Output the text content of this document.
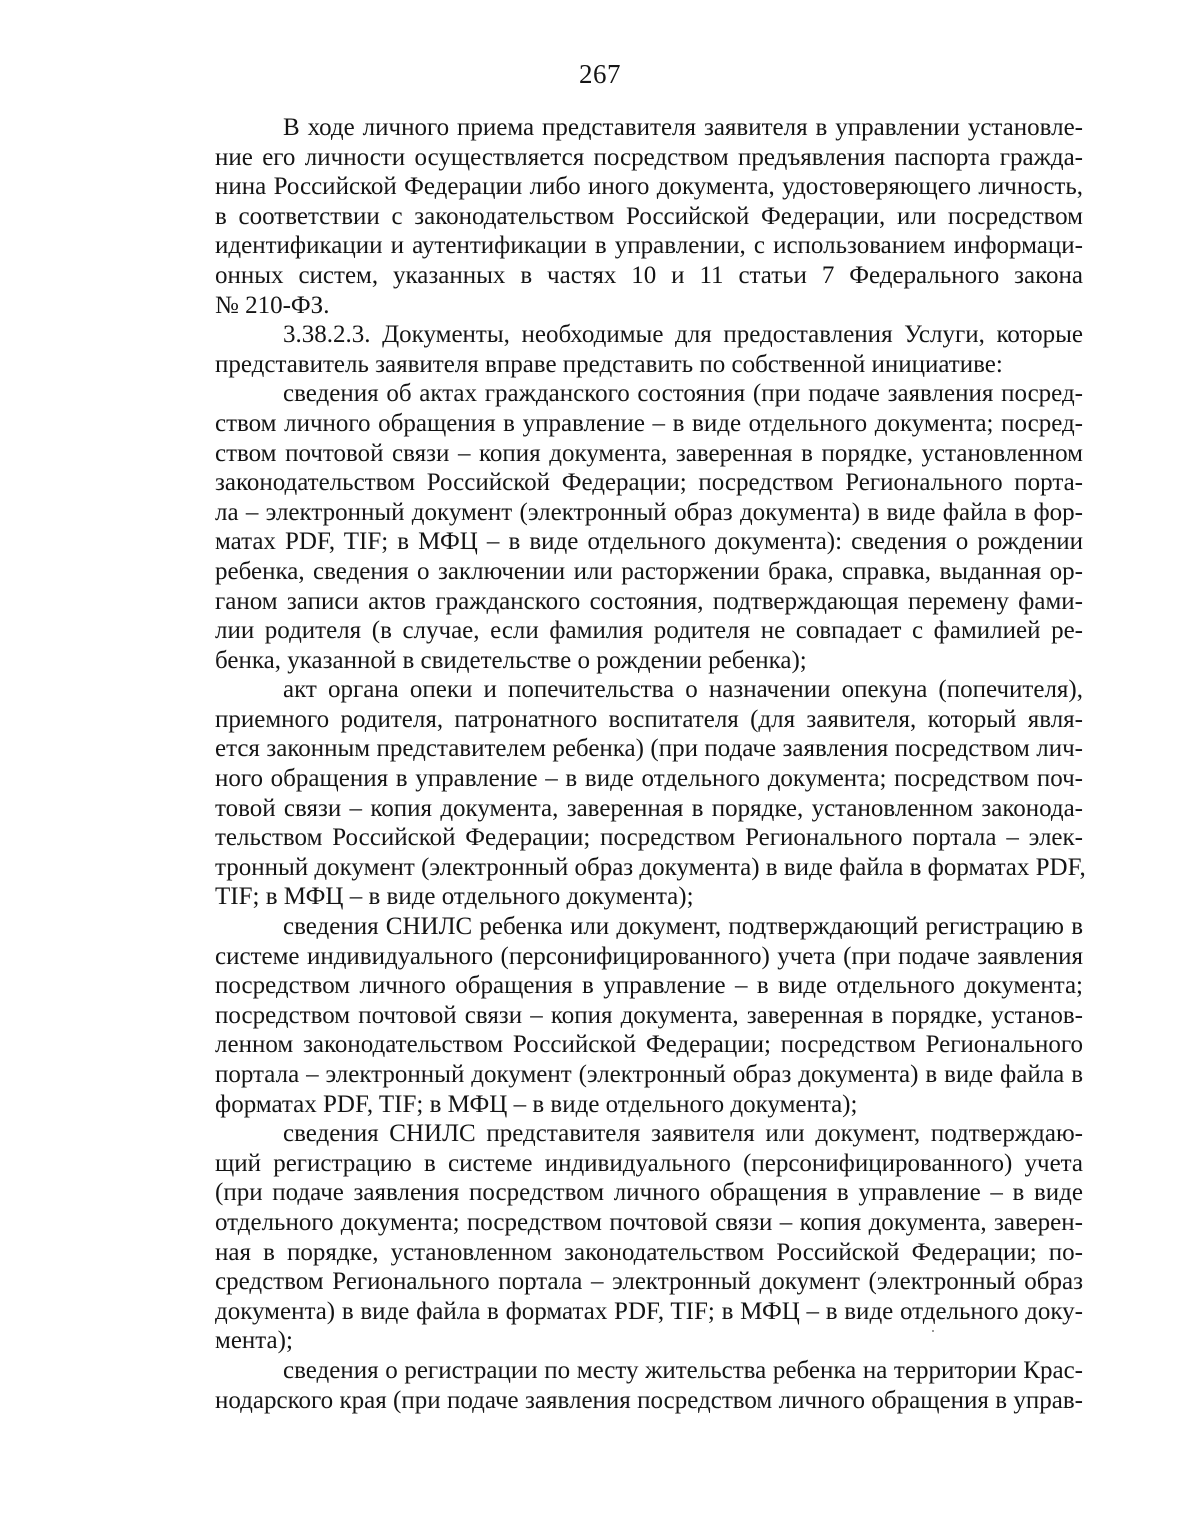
267

В ходе личного приема представителя заявителя в управлении установле-
ние его личности осуществляется посредством предъявления паспорта гражда-
нина Российской Федерации либо иного документа, удостоверяющего личность,
в соответствии с законодательством Российской Федерации, или посредством
идентификации и аутентификации в управлении, с использованием информаци-
онных систем, указанных в частях 10 и 11 статьи 7 Федерального закона
№ 210-ФЗ.

3.38.2.3. Документы, необходимые для предоставления Услуги, которые
представитель заявителя вправе представить по собственной инициативе:

сведения об актах гражданского состояния (при подаче заявления посред-
ством личного обращения в управление – в виде отдельного документа; посред-
ством почтовой связи – копия документа, заверенная в порядке, установленном
законодательством Российской Федерации; посредством Регионального порта-
ла – электронный документ (электронный образ документа) в виде файла в фор-
матах PDF, TIF; в МФЦ – в виде отдельного документа): сведения о рождении
ребенка, сведения о заключении или расторжении брака, справка, выданная ор-
ганом записи актов гражданского состояния, подтверждающая перемену фами-
лии родителя (в случае, если фамилия родителя не совпадает с фамилией ре-
бенка, указанной в свидетельстве о рождении ребенка);

акт органа опеки и попечительства о назначении опекуна (попечителя),
приемного родителя, патронатного воспитателя (для заявителя, который явля-
ется законным представителем ребенка) (при подаче заявления посредством лич-
ного обращения в управление – в виде отдельного документа; посредством поч-
товой связи – копия документа, заверенная в порядке, установленном законода-
тельством Российской Федерации; посредством Регионального портала – элек-
тронный документ (электронный образ документа) в виде файла в форматах PDF,
TIF; в МФЦ – в виде отдельного документа);

сведения СНИЛС ребенка или документ, подтверждающий регистрацию в
системе индивидуального (персонифицированного) учета (при подаче заявления
посредством личного обращения в управление – в виде отдельного документа;
посредством почтовой связи – копия документа, заверенная в порядке, установ-
ленном законодательством Российской Федерации; посредством Регионального
портала – электронный документ (электронный образ документа) в виде файла в
форматах PDF, TIF; в МФЦ – в виде отдельного документа);

сведения СНИЛС представителя заявителя или документ, подтверждаю-
щий регистрацию в системе индивидуального (персонифицированного) учета
(при подаче заявления посредством личного обращения в управление – в виде
отдельного документа; посредством почтовой связи – копия документа, заверен-
ная в порядке, установленном законодательством Российской Федерации; по-
средством Регионального портала – электронный документ (электронный образ
документа) в виде файла в форматах PDF, TIF; в МФЦ – в виде отдельного доку-
мента);

сведения о регистрации по месту жительства ребенка на территории Крас-
нодарского края (при подаче заявления посредством личного обращения в управ-
